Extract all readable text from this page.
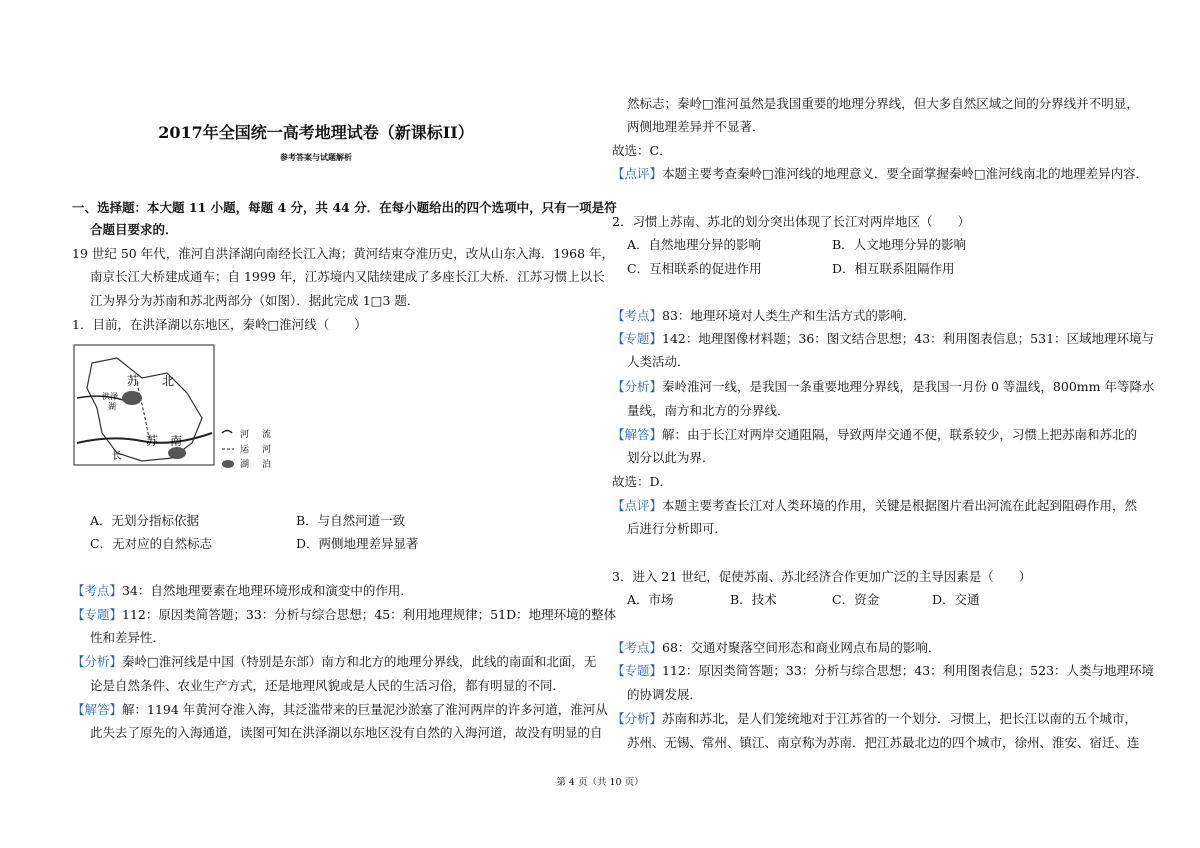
2017年全国统一高考地理试卷（新课标II）
参考答案与试题解析
一、选择题：本大题 11 小题，每题 4 分，共 44 分．在每小题给出的四个选项中，只有一项是符
合题目要求的．
19 世纪 50 年代，淮河自洪泽湖向南经长江入海；黄河结束夺淮历史，改从山东入海．1968 年，
南京长江大桥建成通车；自 1999 年，江苏境内又陆续建成了多座长江大桥．江苏习惯上以长
江为界分为苏南和苏北两部分（如图）．据此完成 1□3 题．
1．目前，在洪泽湖以东地区，秦岭□淮河线（　　）
苏 北
洪泽
湖
苏 南
长
河 流
运 河
湖 泊
A．无划分指标依据	B．与自然河道一致
C．无对应的自然标志	D．两侧地理差异显著
【考点】34：自然地理要素在地理环境形成和演变中的作用．
【专题】112：原因类简答题；33：分析与综合思想；45：利用地理规律；51D：地理环境的整体
性和差异性．
【分析】秦岭□淮河线是中国（特别是东部）南方和北方的地理分界线，此线的南面和北面，无
论是自然条件、农业生产方式，还是地理风貌或是人民的生活习俗，都有明显的不同．
【解答】解：1194 年黄河夺淮入海，其泛滥带来的巨量泥沙淤塞了淮河两岸的许多河道，淮河从
此失去了原先的入海通道，读图可知在洪泽湖以东地区没有自然的入海河道，故没有明显的自
然标志；秦岭□淮河虽然是我国重要的地理分界线，但大多自然区域之间的分界线并不明显，
两侧地理差异并不显著．
故选：C．
【点评】本题主要考查秦岭□淮河线的地理意义．要全面掌握秦岭□淮河线南北的地理差异内容．
2．习惯上苏南、苏北的划分突出体现了长江对两岸地区（　　）
A．自然地理分异的影响	B．人文地理分异的影响
C．互相联系的促进作用	D．相互联系阻隔作用
【考点】83：地理环境对人类生产和生活方式的影响．
【专题】142：地理图像材料题；36：图文结合思想；43：利用图表信息；531：区域地理环境与
人类活动．
【分析】秦岭淮河一线，是我国一条重要地理分界线，是我国一月份 0 等温线，800mm 年等降水
量线，南方和北方的分界线．
【解答】解：由于长江对两岸交通阻隔，导致两岸交通不便，联系较少，习惯上把苏南和苏北的
划分以此为界．
故选：D．
【点评】本题主要考查长江对人类环境的作用，关键是根据图片看出河流在此起到阻碍作用，然
后进行分析即可．
3．进入 21 世纪，促使苏南、苏北经济合作更加广泛的主导因素是（　　）
A．市场	B．技术	C．资金	D．交通
【考点】68：交通对聚落空间形态和商业网点布局的影响．
【专题】112：原因类简答题；33：分析与综合思想；43：利用图表信息；523：人类与地理环境
的协调发展．
【分析】苏南和苏北，是人们笼统地对于江苏省的一个划分．习惯上，把长江以南的五个城市，
苏州、无锡、常州、镇江、南京称为苏南．把江苏最北边的四个城市，徐州、淮安、宿迁、连
第 4 页（共 10 页）
